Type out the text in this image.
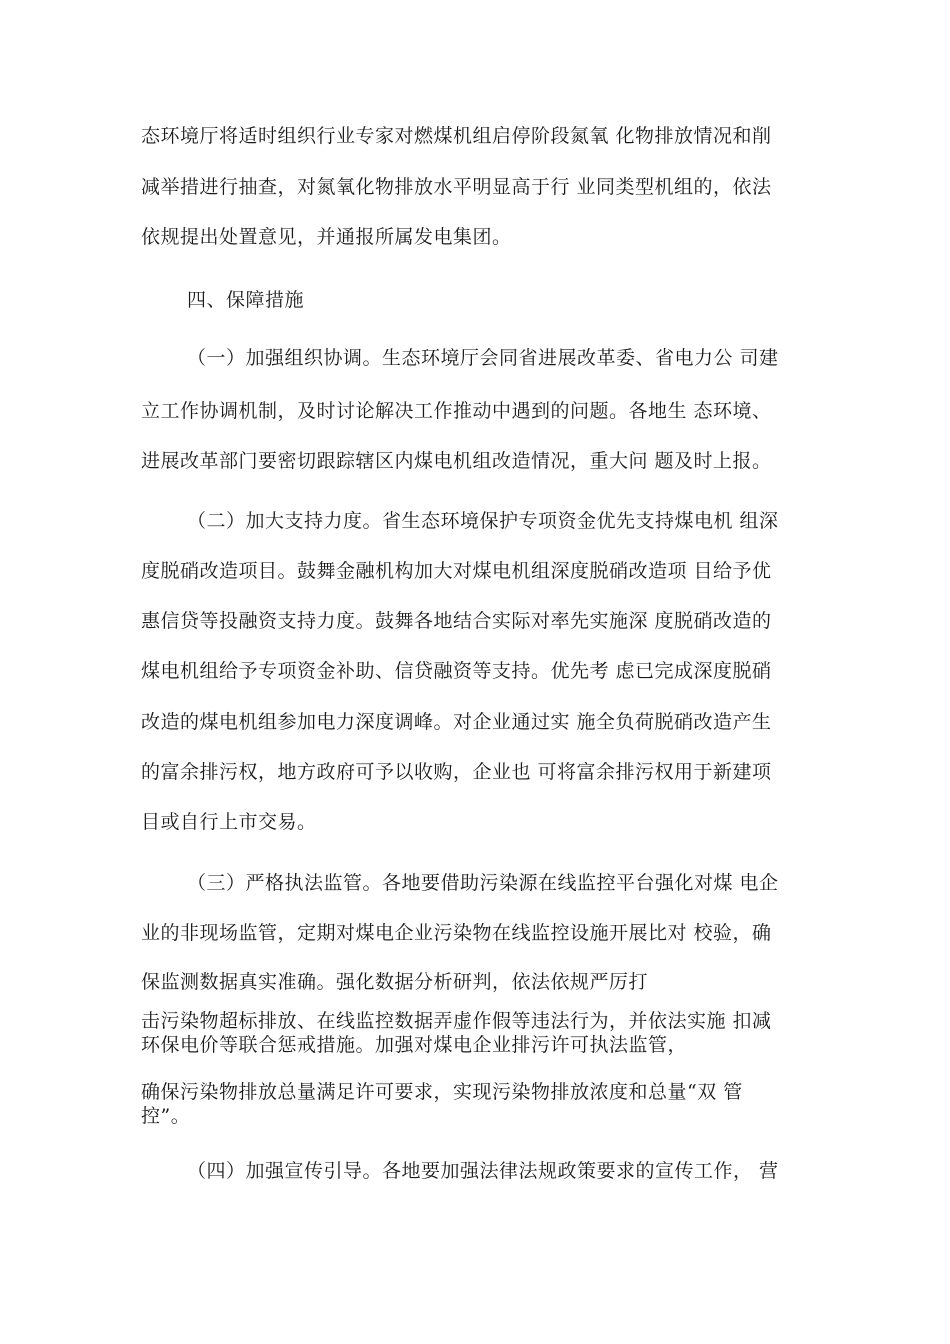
态环境厅将适时组织行业专家对燃煤机组启停阶段氮氧 化物排放情况和削
减举措进行抽查，对氮氧化物排放水平明显高于行 业同类型机组的，依法
依规提出处置意见，并通报所属发电集团。
四、保障措施
（一）加强组织协调。生态环境厅会同省进展改革委、省电力公 司建
立工作协调机制，及时讨论解决工作推动中遇到的问题。各地生 态环境、
进展改革部门要密切跟踪辖区内煤电机组改造情况，重大问 题及时上报。
（二）加大支持力度。省生态环境保护专项资金优先支持煤电机 组深
度脱硝改造项目。鼓舞金融机构加大对煤电机组深度脱硝改造项 目给予优
惠信贷等投融资支持力度。鼓舞各地结合实际对率先实施深 度脱硝改造的
煤电机组给予专项资金补助、信贷融资等支持。优先考 虑已完成深度脱硝
改造的煤电机组参加电力深度调峰。对企业通过实 施全负荷脱硝改造产生
的富余排污权，地方政府可予以收购，企业也 可将富余排污权用于新建项
目或自行上市交易。
（三）严格执法监管。各地要借助污染源在线监控平台强化对煤 电企
业的非现场监管，定期对煤电企业污染物在线监控设施开展比对 校验，确
保监测数据真实准确。强化数据分析研判，依法依规严厉打
击污染物超标排放、在线监控数据弄虚作假等违法行为，并依法实施 扣减
环保电价等联合惩戒措施。加强对煤电企业排污许可执法监管，
确保污染物排放总量满足许可要求，实现污染物排放浓度和总量“双 管
控”。
（四）加强宣传引导。各地要加强法律法规政策要求的宣传工作， 营
